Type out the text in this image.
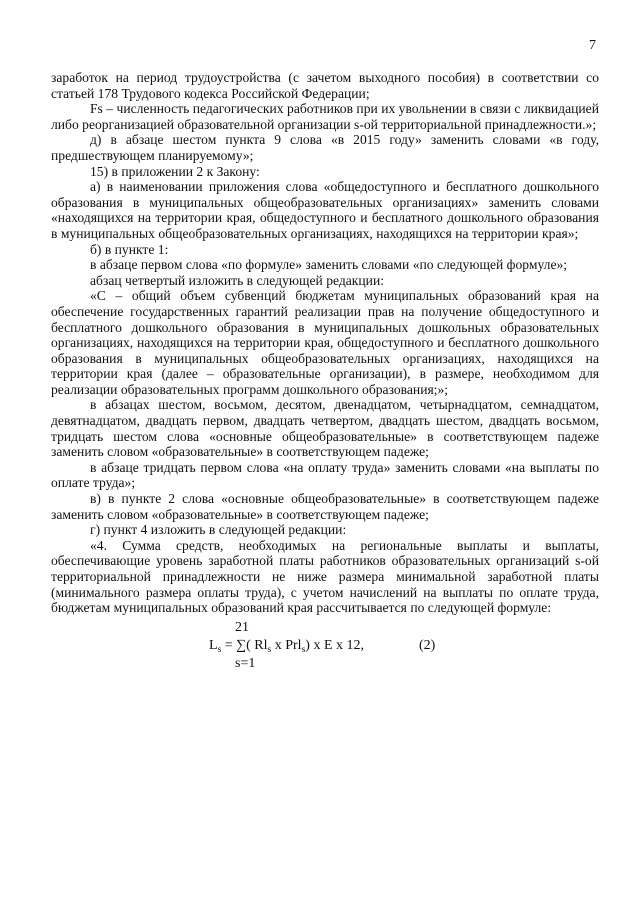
7

заработок на период трудоустройства (с зачетом выходного пособия) в соответствии со статьей 178 Трудового кодекса Российской Федерации;

Fs – численность педагогических работников при их увольнении в связи с ликвидацией либо реорганизацией образовательной организации s-ой территориальной принадлежности.»;

д) в абзаце шестом пункта 9 слова «в 2015 году» заменить словами «в году, предшествующем планируемому»;

15) в приложении 2 к Закону:

а) в наименовании приложения слова «общедоступного и бесплатного дошкольного образования в муниципальных общеобразовательных организациях» заменить словами «находящихся на территории края, общедоступного и бесплатного дошкольного образования в муниципальных общеобразовательных организациях, находящихся на территории края»;

б) в пункте 1:

в абзаце первом слова «по формуле» заменить словами «по следующей формуле»;

абзац четвертый изложить в следующей редакции:

«С – общий объем субвенций бюджетам муниципальных образований края на обеспечение государственных гарантий реализации прав на получение общедоступного и бесплатного дошкольного образования в муниципальных дошкольных образовательных организациях, находящихся на территории края, общедоступного и бесплатного дошкольного образования в муниципальных общеобразовательных организациях, находящихся на территории края (далее – образовательные организации), в размере, необходимом для реализации образовательных программ дошкольного образования;»;

в абзацах шестом, восьмом, десятом, двенадцатом, четырнадцатом, семнадцатом, девятнадцатом, двадцать первом, двадцать четвертом, двадцать шестом, двадцать восьмом, тридцать шестом слова «основные общеобразовательные» в соответствующем падеже заменить словом «образовательные» в соответствующем падеже;

в абзаце тридцать первом слова «на оплату труда» заменить словами «на выплаты по оплате труда»;

в) в пункте 2 слова «основные общеобразовательные» в соответствующем падеже заменить словом «образовательные» в соответствующем падеже;

г) пункт 4 изложить в следующей редакции:

«4. Сумма средств, необходимых на региональные выплаты и выплаты, обеспечивающие уровень заработной платы работников образовательных организаций s-ой территориальной принадлежности не ниже размера минимальной заработной платы (минимального размера оплаты труда), с учетом начислений на выплаты по оплате труда, бюджетам муниципальных образований края рассчитывается по следующей формуле:

21
$L_s$ = ∑( $Rl_s$ x Prl$_s$) x E x 12,	(2)
s=1
